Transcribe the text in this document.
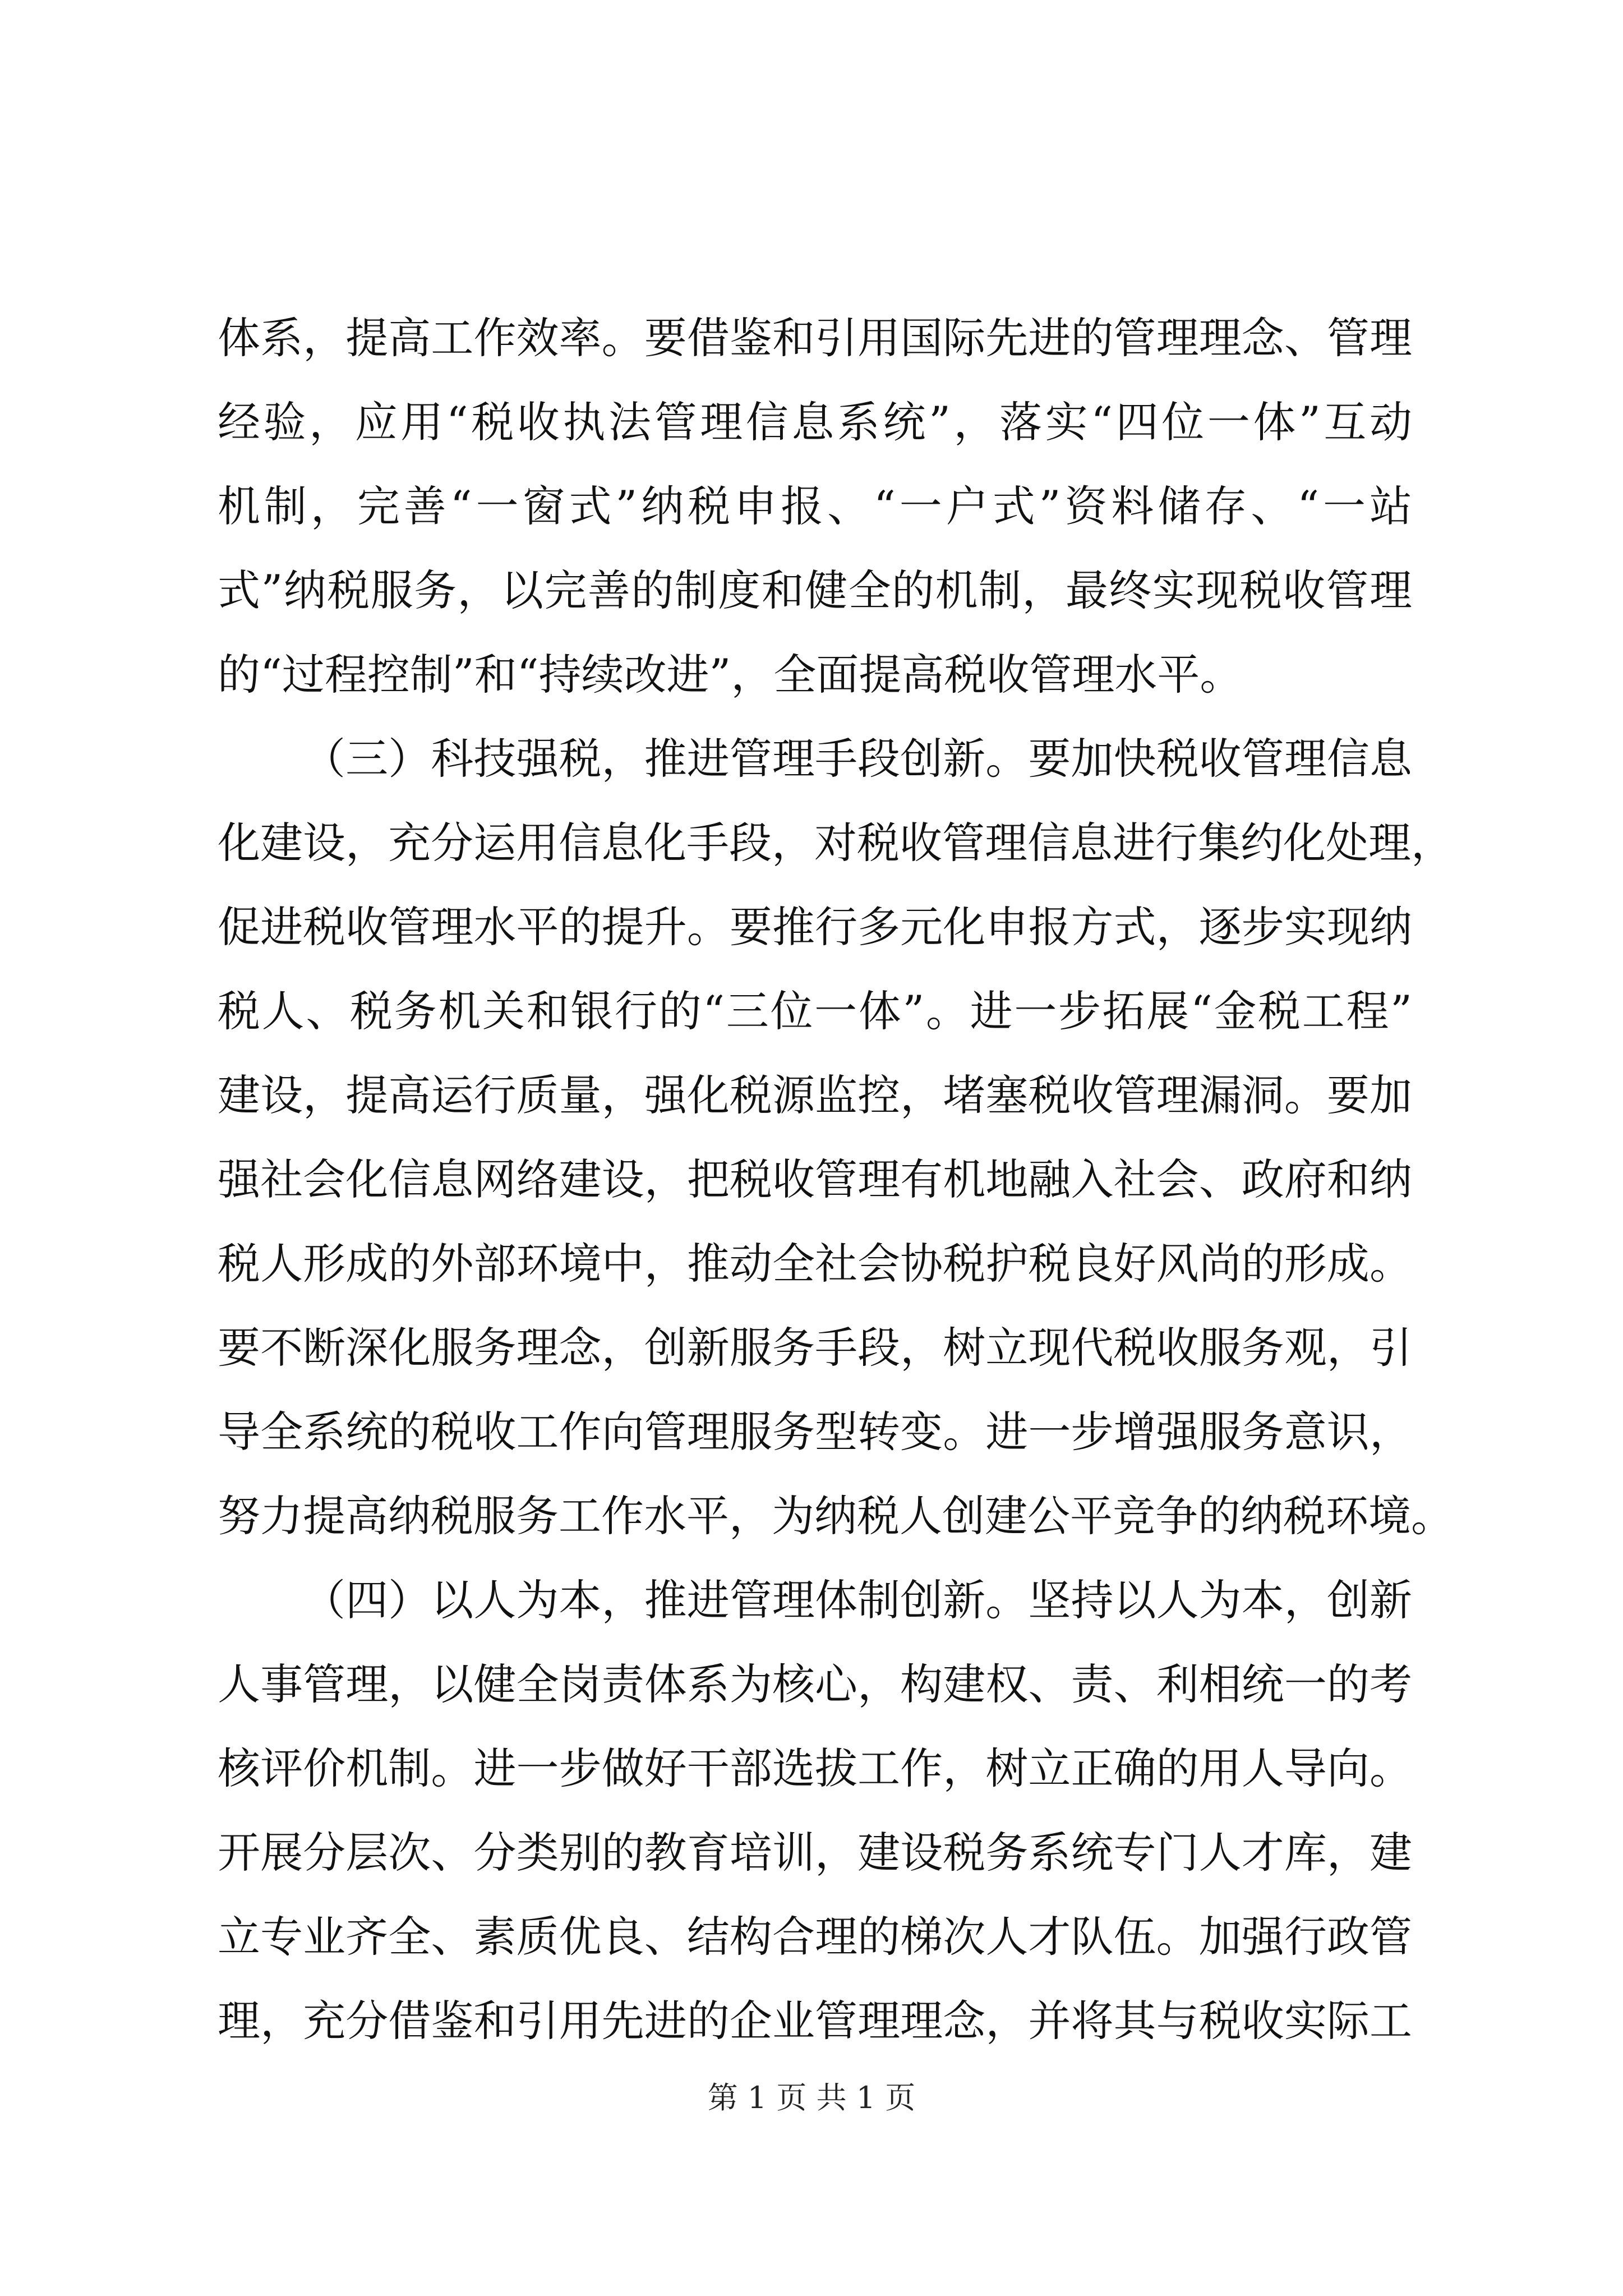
体系，提高工作效率。要借鉴和引用国际先进的管理理念、管理
经验，应用“税收执法管理信息系统”，落实“四位一体”互动
机制，完善“一窗式”纳税申报、“一户式”资料储存、“一站
式”纳税服务，以完善的制度和健全的机制，最终实现税收管理
的“过程控制”和“持续改进”，全面提高税收管理水平。
（三）科技强税，推进管理手段创新。要加快税收管理信息
化建设，充分运用信息化手段，对税收管理信息进行集约化处理，
促进税收管理水平的提升。要推行多元化申报方式，逐步实现纳
税人、税务机关和银行的“三位一体”。进一步拓展“金税工程”
建设，提高运行质量，强化税源监控，堵塞税收管理漏洞。要加
强社会化信息网络建设，把税收管理有机地融入社会、政府和纳
税人形成的外部环境中，推动全社会协税护税良好风尚的形成。
要不断深化服务理念，创新服务手段，树立现代税收服务观，引
导全系统的税收工作向管理服务型转变。进一步增强服务意识，
努力提高纳税服务工作水平，为纳税人创建公平竞争的纳税环境。
（四）以人为本，推进管理体制创新。坚持以人为本，创新
人事管理，以健全岗责体系为核心，构建权、责、利相统一的考
核评价机制。进一步做好干部选拔工作，树立正确的用人导向。
开展分层次、分类别的教育培训，建设税务系统专门人才库，建
立专业齐全、素质优良、结构合理的梯次人才队伍。加强行政管
理，充分借鉴和引用先进的企业管理理念，并将其与税收实际工
第 1 页 共 1 页
